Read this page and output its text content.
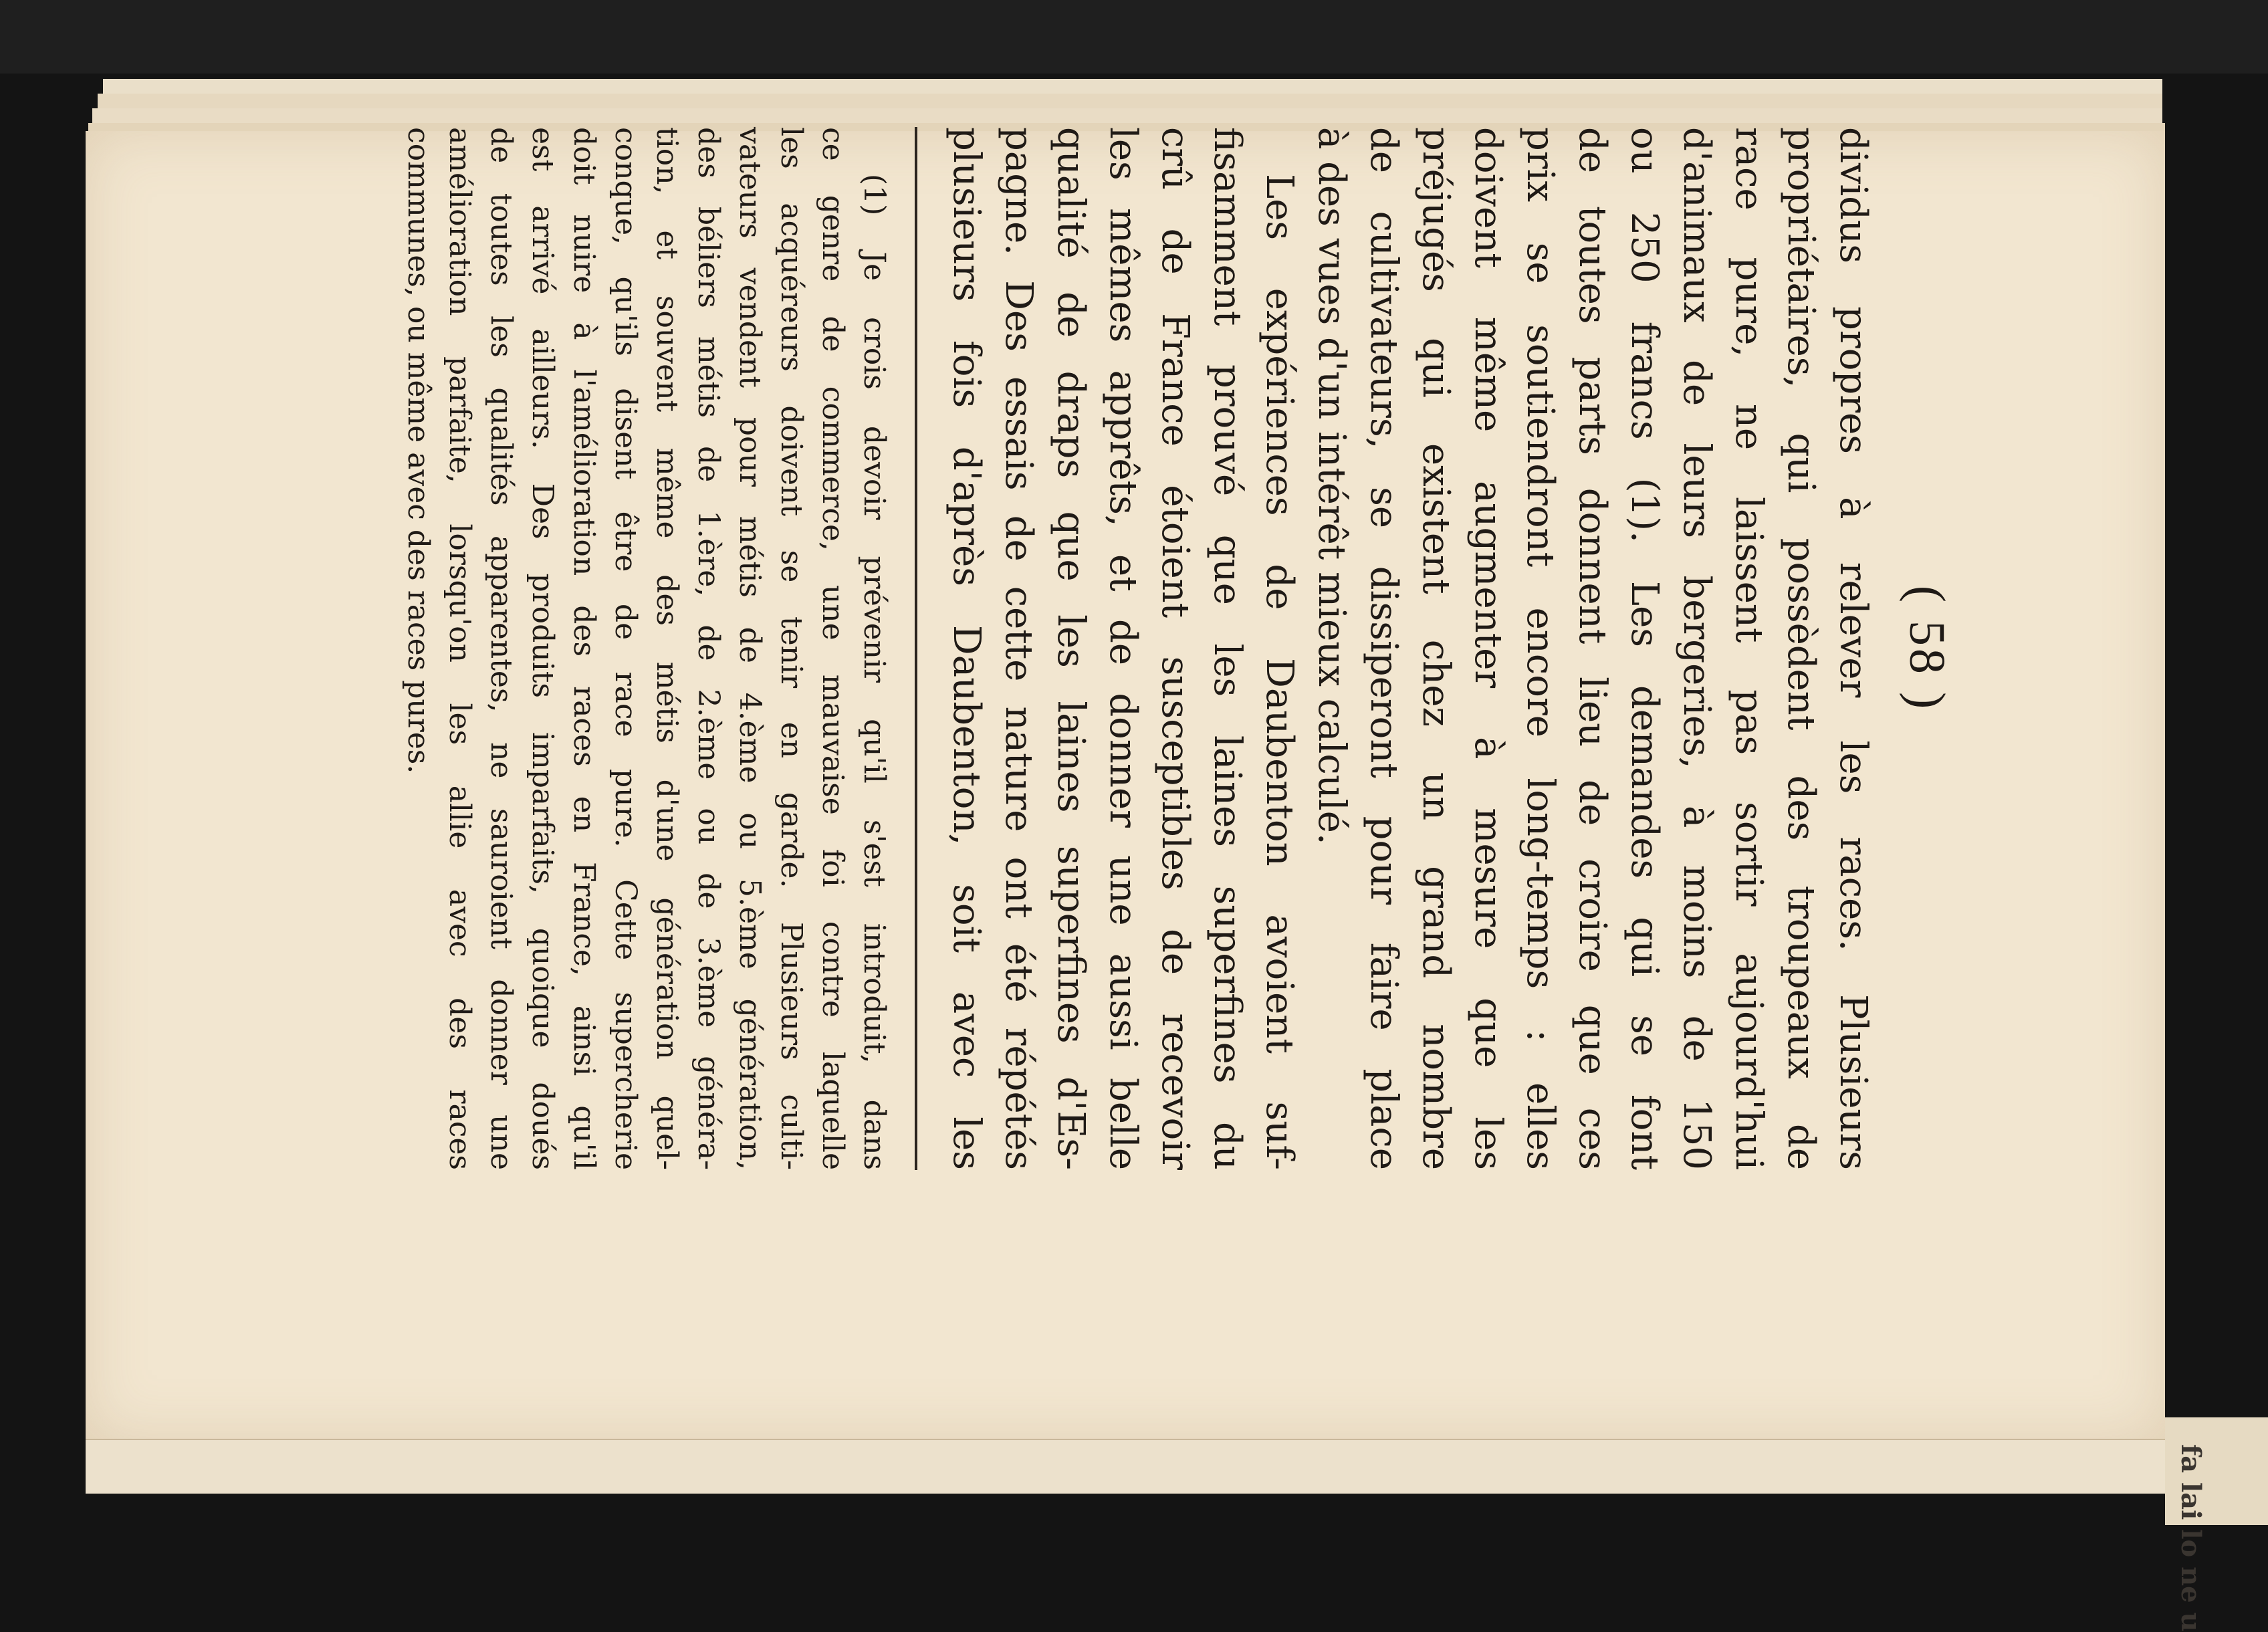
fa lai lo ne u
( 58 )
dividus propres à relever les races. Plusieurs
propriétaires, qui possèdent des troupeaux de
race pure, ne laissent pas sortir aujourd'hui
d'animaux de leurs bergeries, à moins de 150
ou 250 francs (1). Les demandes qui se font
de toutes parts donnent lieu de croire que ces
prix se soutiendront encore long-temps : elles
doivent même augmenter à mesure que les
préjugés qui existent chez un grand nombre
de cultivateurs, se dissiperont pour faire place
à des vues d'un intérêt mieux calculé.
Les expériences de Daubenton avoient suf-
fisamment prouvé que les laines superfines du
crû de France étoient susceptibles de recevoir
les mêmes apprêts, et de donner une aussi belle
qualité de draps que les laines superfines d'Es-
pagne. Des essais de cette nature ont été répétés
plusieurs fois d'après Daubenton, soit avec les
(1) Je crois devoir prévenir qu'il s'est introduit, dans
ce genre de commerce, une mauvaise foi contre laquelle
les acquéreurs doivent se tenir en garde. Plusieurs culti-
vateurs vendent pour métis de 4.ème ou 5.ème génération,
des béliers métis de 1.ère, de 2.ème ou de 3.ème généra-
tion, et souvent même des métis d'une génération quel-
conque, qu'ils disent être de race pure. Cette supercherie
doit nuire à l'amélioration des races en France, ainsi qu'il
est arrivé ailleurs. Des produits imparfaits, quoique doués
de toutes les qualités apparentes, ne sauroient donner une
amélioration parfaite, lorsqu'on les allie avec des races
communes, ou même avec des races pures.
